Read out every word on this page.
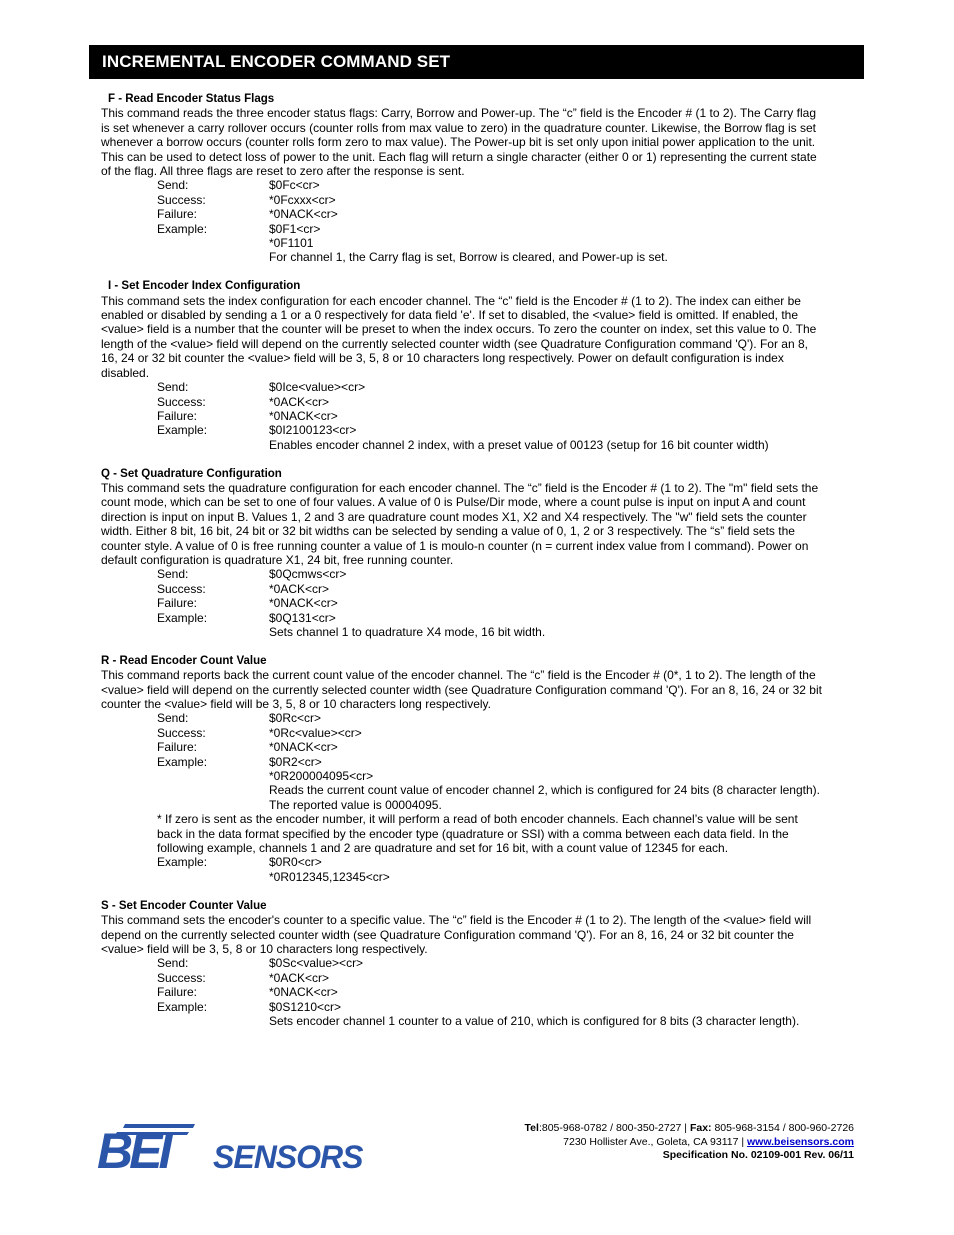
INCREMENTAL ENCODER COMMAND SET
F - Read Encoder Status Flags
This command reads the three encoder status flags: Carry, Borrow and Power-up. The “c” field is the Encoder # (1 to 2). The Carry flag
is set whenever a carry rollover occurs (counter rolls from max value to zero) in the quadrature counter. Likewise, the Borrow flag is set
whenever a borrow occurs (counter rolls form zero to max value). The Power-up bit is set only upon initial power application to the unit.
This can be used to detect loss of power to the unit. Each flag will return a single character (either 0 or 1) representing the current state
of the flag. All three flags are reset to zero after the response is sent.
Send:	$0Fc<cr>
Success:	*0Fcxxx<cr>
Failure:	*0NACK<cr>
Example:	$0F1<cr>
*0F1101
For channel 1, the Carry flag is set, Borrow is cleared, and Power-up is set.
I - Set Encoder Index Configuration
This command sets the index configuration for each encoder channel. The “c” field is the Encoder # (1 to 2). The index can either be
enabled or disabled by sending a 1 or a 0 respectively for data field 'e'. If set to disabled, the <value> field is omitted. If enabled, the
<value> field is a number that the counter will be preset to when the index occurs. To zero the counter on index, set this value to 0. The
length of the <value> field will depend on the currently selected counter width (see Quadrature Configuration command 'Q'). For an 8,
16, 24 or 32 bit counter the <value> field will be 3, 5, 8 or 10 characters long respectively. Power on default configuration is index
disabled.
Send:	$0Ice<value><cr>
Success:	*0ACK<cr>
Failure:	*0NACK<cr>
Example:	$0I2100123<cr>
Enables encoder channel 2 index, with a preset value of 00123 (setup for 16 bit counter width)
Q - Set Quadrature Configuration
This command sets the quadrature configuration for each encoder channel. The “c” field is the Encoder # (1 to 2). The "m" field sets the
count mode, which can be set to one of four values. A value of 0 is Pulse/Dir mode, where a count pulse is input on input A and count
direction is input on input B. Values 1, 2 and 3 are quadrature count modes X1, X2 and X4 respectively. The "w" field sets the counter
width. Either 8 bit, 16 bit, 24 bit or 32 bit widths can be selected by sending a value of 0, 1, 2 or 3 respectively. The “s” field sets the
counter style. A value of 0 is free running counter a value of 1 is moulo-n counter (n = current index value from I command). Power on
default configuration is quadrature X1, 24 bit, free running counter.
Send:	$0Qcmws<cr>
Success:	*0ACK<cr>
Failure:	*0NACK<cr>
Example:	$0Q131<cr>
Sets channel 1 to quadrature X4 mode, 16 bit width.
R - Read Encoder Count Value
This command reports back the current count value of the encoder channel. The “c” field is the Encoder # (0*, 1 to 2). The length of the
<value> field will depend on the currently selected counter width (see Quadrature Configuration command 'Q'). For an 8, 16, 24 or 32 bit
counter the <value> field will be 3, 5, 8 or 10 characters long respectively.
Send:	$0Rc<cr>
Success:	*0Rc<value><cr>
Failure:	*0NACK<cr>
Example:	$0R2<cr>
*0R200004095<cr>
Reads the current count value of encoder channel 2, which is configured for 24 bits (8 character length).
The reported value is 00004095.
* If zero is sent as the encoder number, it will perform a read of both encoder channels. Each channel’s value will be sent
back in the data format specified by the encoder type (quadrature or SSI) with a comma between each data field. In the
following example, channels 1 and 2 are quadrature and set for 16 bit, with a count value of 12345 for each.
Example:	$0R0<cr>
*0R012345,12345<cr>
S - Set Encoder Counter Value
This command sets the encoder's counter to a specific value. The “c” field is the Encoder # (1 to 2). The length of the <value> field will
depend on the currently selected counter width (see Quadrature Configuration command 'Q'). For an 8, 16, 24 or 32 bit counter the
<value> field will be 3, 5, 8 or 10 characters long respectively.
Send:	$0Sc<value><cr>
Success:	*0ACK<cr>
Failure:	*0NACK<cr>
Example:	$0S1210<cr>
Sets encoder channel 1 counter to a value of 210, which is configured for 8 bits (3 character length).
BEI SENSORS
Tel:805-968-0782 / 800-350-2727 | Fax: 805-968-3154 / 800-960-2726
7230 Hollister Ave., Goleta, CA 93117 | www.beisensors.com
Specification No. 02109-001 Rev. 06/11
